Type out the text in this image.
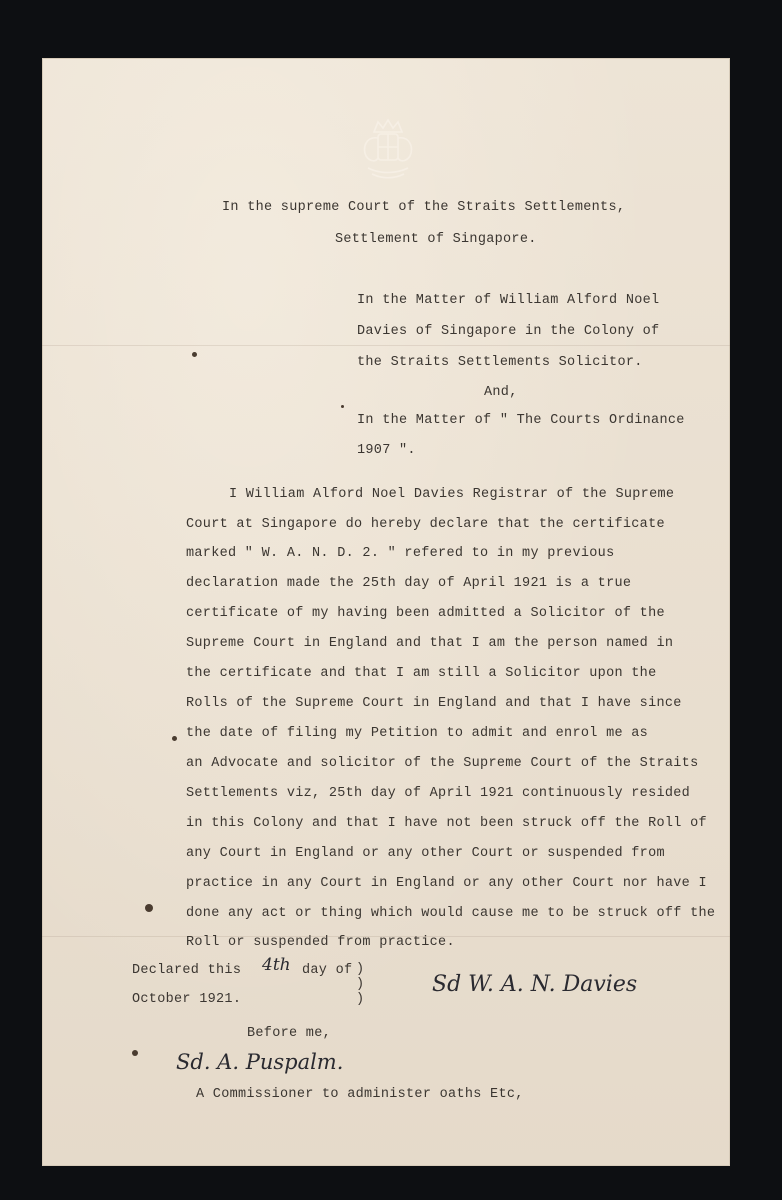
In the supreme Court of the Straits Settlements,
Settlement of Singapore.
In the Matter of William Alford Noel
Davies of Singapore in the Colony of
the Straits Settlements Solicitor.
And,
In the Matter of " The Courts Ordinance
1907 ".
I William Alford Noel Davies Registrar of the Supreme
Court at Singapore do hereby declare that the certificate
marked " W. A. N. D. 2. " refered to in my previous
declaration made the 25th day of April 1921 is a true
certificate of my having been admitted a Solicitor of the
Supreme Court in England and that I am the person named in
the certificate and that I am still a Solicitor upon the
Rolls of the Supreme Court in England and that I have since
the date of filing my Petition to admit and enrol me as
an Advocate and solicitor of the Supreme Court of the Straits
Settlements viz, 25th day of April 1921 continuously resided
in this Colony and that I have not been struck off the Roll of
any Court in England or any other Court or suspended from
practice in any Court in England or any other Court nor have I
done any act or thing which would cause me to be struck off the
Roll or suspended from practice.
Declared this 4th day of
October 1921.
)
)
)
Sd W. A. N. Davies
Before me,
Sd. A. Puspalm.
A Commissioner to administer oaths Etc,
